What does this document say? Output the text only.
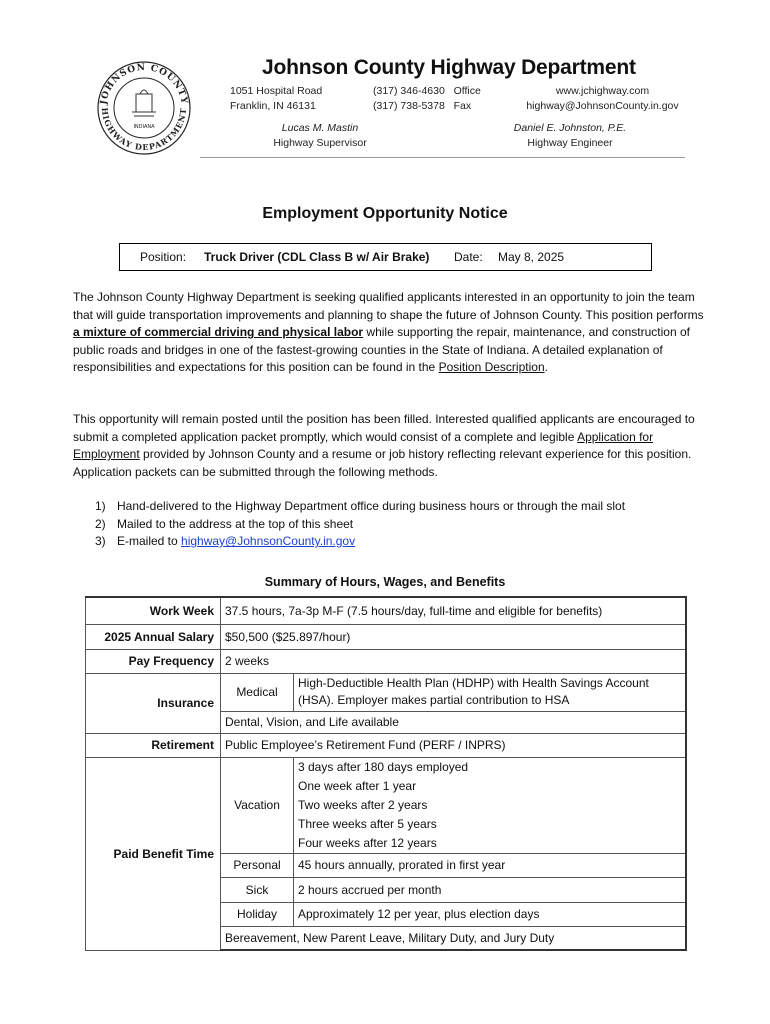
JOHNSON COUNTY
HIGHWAY DEPARTMENT
INDIANA
Johnson County Highway Department
1051 Hospital Road
Franklin, IN 46131
(317) 346-4630 Office
(317) 738-5378 Fax
www.jchighway.com
highway@JohnsonCounty.in.gov
Lucas M. Mastin
Highway Supervisor
Daniel E. Johnston, P.E.
Highway Engineer
Employment Opportunity Notice
Position: Truck Driver (CDL Class B w/ Air Brake) Date: May 8, 2025

The Johnson County Highway Department is seeking qualified applicants interested in an opportunity to join the team that will guide transportation improvements and planning to shape the future of Johnson County. This position performs a mixture of commercial driving and physical labor while supporting the repair, maintenance, and construction of public roads and bridges in one of the fastest-growing counties in the State of Indiana. A detailed explanation of responsibilities and expectations for this position can be found in the Position Description.

This opportunity will remain posted until the position has been filled. Interested qualified applicants are encouraged to submit a completed application packet promptly, which would consist of a complete and legible Application for Employment provided by Johnson County and a resume or job history reflecting relevant experience for this position. Application packets can be submitted through the following methods.

1) Hand-delivered to the Highway Department office during business hours or through the mail slot
2) Mailed to the address at the top of this sheet
3) E-mailed to highway@JohnsonCounty.in.gov
Summary of Hours, Wages, and Benefits
Work Week	37.5 hours, 7a-3p M-F (7.5 hours/day, full-time and eligible for benefits)	
2025 Annual Salary	$50,500 ($25.897/hour)	
Pay Frequency	2 weeks	
Insurance	Medical	High-Deductible Health Plan (HDHP) with Health Savings Account
(HSA). Employer makes partial contribution to HSA

	Dental, Vision, and Life available	
Retirement	Public Employee’s Retirement Fund (PERF / INPRS)	
Paid Benefit Time	Vacation	3 days after 180 days employed
One week after 1 year
Two weeks after 2 years
Three weeks after 5 years
Four weeks after 12 years

	Personal	45 hours annually, prorated in first year
	Sick	2 hours accrued per month
	Holiday	Approximately 12 per year, plus election days
	Bereavement, New Parent Leave, Military Duty, and Jury Duty	
